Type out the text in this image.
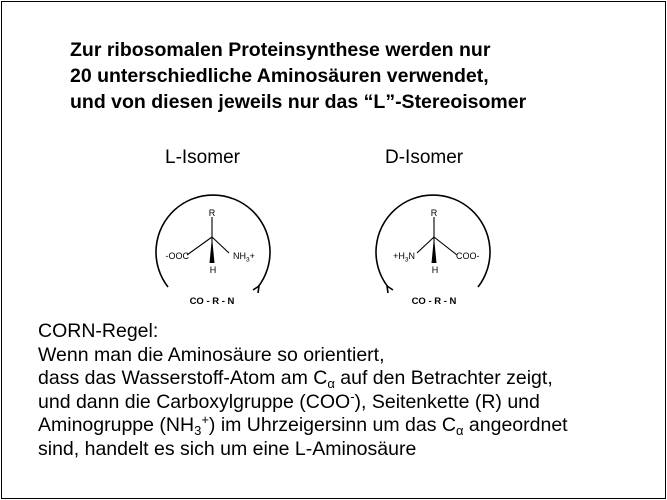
Zur ribosomalen Proteinsynthese werden nur
20 unterschiedliche Aminosäuren verwendet,
und von diesen jeweils nur das “L”-Stereoisomer
L-Isomer	D-Isomer
R
H
-OOC	$NH_3+$
CO - R - N
R
H
$+H_3N$	COO-
CO - R - N
CORN-Regel:
Wenn man die Aminosäure so orientiert,
dass das Wasserstoff-Atom am $C_\alpha$ auf den Betrachter zeigt,
und dann die Carboxylgruppe (COO-), Seitenkette (R) und
Aminogruppe $(NH_3^+)$ im Uhrzeigersinn um das $C_\alpha$ angeordnet
sind, handelt es sich um eine L-Aminosäure
